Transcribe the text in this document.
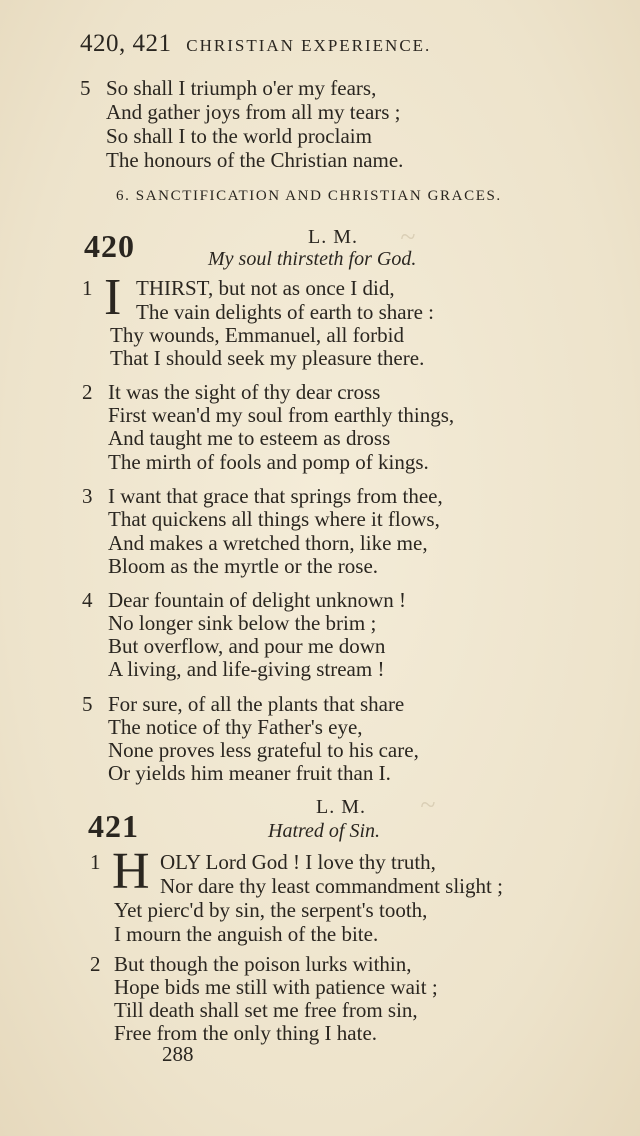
420, 421 CHRISTIAN EXPERIENCE.
5 So shall I triumph o'er my fears,
And gather joys from all my tears ;
So shall I to the world proclaim
The honours of the Christian name.
6. SANCTIFICATION AND CHRISTIAN GRACES.
420	L. M.
My soul thirsteth for God.
~
1 I THIRST, but not as once I did,
The vain delights of earth to share :
Thy wounds, Emmanuel, all forbid
That I should seek my pleasure there.
2 It was the sight of thy dear cross
First wean'd my soul from earthly things,
And taught me to esteem as dross
The mirth of fools and pomp of kings.
3 I want that grace that springs from thee,
That quickens all things where it flows,
And makes a wretched thorn, like me,
Bloom as the myrtle or the rose.
4 Dear fountain of delight unknown !
No longer sink below the brim ;
But overflow, and pour me down
A living, and life-giving stream !
5 For sure, of all the plants that share
The notice of thy Father's eye,
None proves less grateful to his care,
Or yields him meaner fruit than I.
421
L. M.
Hatred of Sin.
~
1 H OLY Lord God ! I love thy truth,
Nor dare thy least commandment slight ;
Yet pierc'd by sin, the serpent's tooth,
I mourn the anguish of the bite.
2 But though the poison lurks within,
Hope bids me still with patience wait ;
Till death shall set me free from sin,
Free from the only thing I hate.
288
